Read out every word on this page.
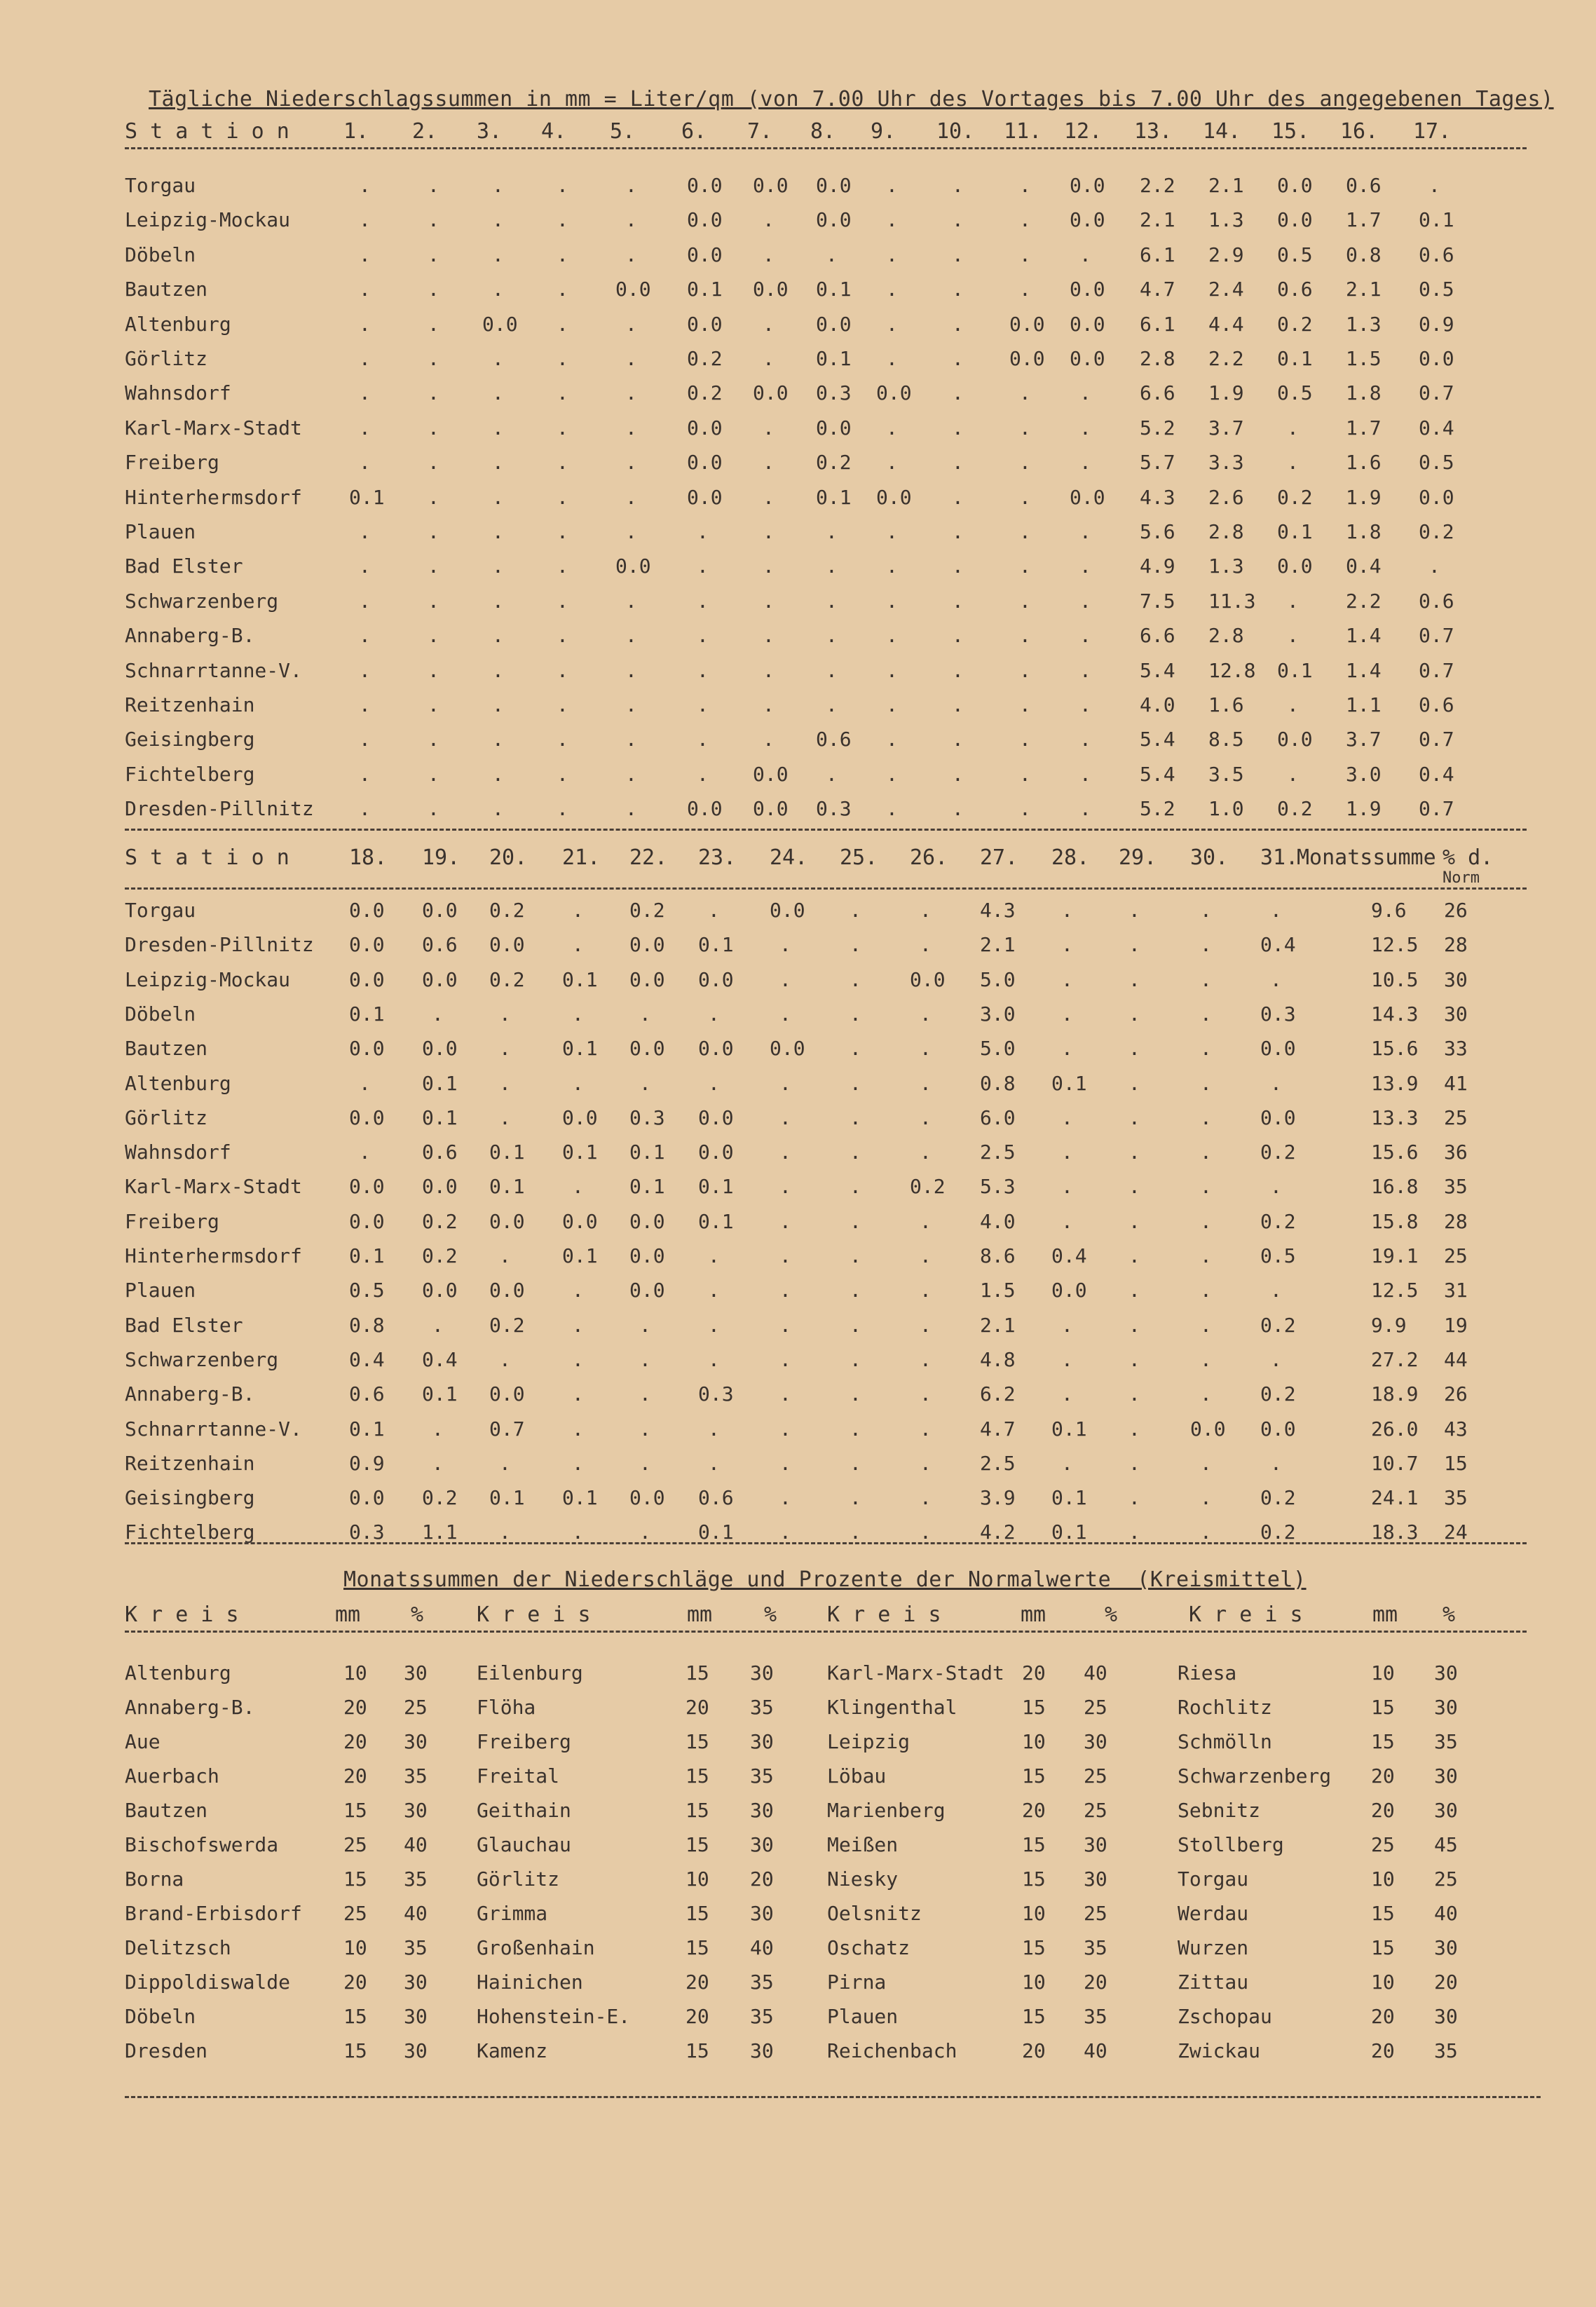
Tägliche Niederschlagssummen in mm = Liter/qm (von 7.00 Uhr des Vortages bis 7.00 Uhr des angegebenen Tages)
S t a t i o n	1. 2. 3. 4. 5. 6. 7. 8. 9. 10. 11. 12. 13. 14. 15. 16. 17.
Torgau	.	.	.	.	.	0.0 0.0 0.0 .	.	. 0.0 2.2 2.1 0.0 0.6 .
Leipzig-Mockau	.	.	.	.	.	0.0 . 0.0 .	.	. 0.0 2.1 1.3 0.0 1.7 0.1
Döbeln	.	.	.	.	.	0.0 .	. .	.	. . 6.1 2.9 0.5 0.8 0.6
Bautzen	.	.	.	. 0.0 0.1 0.0 0.1 .	.	. 0.0 4.7 2.4 0.6 2.1 0.5
Altenburg	.	. 0.0 .	.	0.0 . 0.0 .	. 0.0 0.0 6.1 4.4 0.2 1.3 0.9
Görlitz	.	.	.	.	.	0.2 . 0.1 .	. 0.0 0.0 2.8 2.2 0.1 1.5 0.0
Wahnsdorf	.	.	.	.	.	0.2 0.0 0.3 0.0 .	. . 6.6 1.9 0.5 1.8 0.7
Karl-Marx-Stadt	.	.	.	.	.	0.0 . 0.0 .	.	. . 5.2 3.7 . 1.7 0.4
Freiberg	.	.	.	.	.	0.0 . 0.2 .	.	. . 5.7 3.3 . 1.6 0.5
Hinterhermsdorf 0.1 .	.	.	.	0.0 . 0.1 0.0 .	. 0.0 4.3 2.6 0.2 1.9 0.0
Plauen	.	.	.	.	.	.	.	. .	.	. . 5.6 2.8 0.1 1.8 0.2
Bad Elster	.	.	.	. 0.0 .	.	. .	.	. . 4.9 1.3 0.0 0.4 .
Schwarzenberg	.	.	.	.	.	.	.	. .	.	. . 7.5 11.3 . 2.2 0.6
Annaberg-B.	.	.	.	.	.	.	.	. .	.	. . 6.6 2.8 . 1.4 0.7
Schnarrtanne-V.	.	.	.	.	.	.	.	. .	.	. . 5.4 12.8 0.1 1.4 0.7
Reitzenhain	.	.	.	.	.	.	.	. .	.	. . 4.0 1.6 . 1.1 0.6
Geisingberg	.	.	.	.	.	.	. 0.6 .	.	. . 5.4 8.5 0.0 3.7 0.7
Fichtelberg	.	.	.	.	.	. 0.0 . .	.	. . 5.4 3.5 . 3.0 0.4
Dresden-Pillnitz .	.	.	.	.	0.0 0.0 0.3 .	.	. . 5.2 1.0 0.2 1.9 0.7
S t a t i o n	18. 19. 20. 21. 22. 23. 24. 25. 26. 27. 28. 29. 30. 31.
Monatssumme % d.
Norm
Torgau	0.0 0.0 0.2 . 0.2 .	0.0 .	. 4.3 .	.	.	.	9.6 26
Dresden-Pillnitz 0.0 0.6 0.0 . 0.0 0.1 .	.	. 2.1 .	.	. 0.4	12.5 28
Leipzig-Mockau	0.0 0.0 0.2 0.1 0.0 0.0 .	. 0.0 5.0 .	.	.	.	10.5 30
Döbeln	0.1 .	.	.	.	.	.	.	. 3.0 .	.	. 0.3	14.3 30
Bautzen	0.0 0.0 .	0.1 0.0 0.0 0.0 .	. 5.0 .	.	. 0.0	15.6 33
Altenburg	.	0.1 .	.	.	.	.	.	. 0.8 0.1 .	.	.	13.9 41
Görlitz	0.0 0.1 .	0.0 0.3 0.0 .	.	. 6.0 .	.	. 0.0	13.3 25
Wahnsdorf	.	0.6 0.1 0.1 0.1 0.0 .	.	. 2.5 .	.	. 0.2	15.6 36
Karl-Marx-Stadt 0.0 0.0 0.1 . 0.1 0.1 .	. 0.2 5.3 .	.	.	.	16.8 35
Freiberg	0.0 0.2 0.0 0.0 0.0 0.1 .	.	. 4.0 .	.	. 0.2	15.8 28
Hinterhermsdorf 0.1 0.2 .	0.1 0.0 .	.	.	. 8.6 0.4 .	. 0.5	19.1 25
Plauen	0.5 0.0 0.0 . 0.0 .	.	.	. 1.5 0.0 .	.	.	12.5 31
Bad Elster	0.8 . 0.2 .	.	.	.	.	. 2.1 .	.	. 0.2	9.9 19
Schwarzenberg	0.4 0.4 .	.	.	.	.	.	. 4.8 .	.	.	.	27.2 44
Annaberg-B.	0.6 0.1 0.0 .	. 0.3 .	.	. 6.2 .	.	. 0.2	18.9 26
Schnarrtanne-V. 0.1 . 0.7 .	.	.	.	.	. 4.7 0.1 .	0.0 0.0	26.0 43
Reitzenhain	0.9 .	.	.	.	.	.	.	. 2.5 .	.	.	.	10.7 15
Geisingberg	0.0 0.2 0.1 0.1 0.0 0.6 .	.	. 3.9 0.1 .	. 0.2	24.1 35
Fichtelberg	0.3 1.1 .	.	. 0.1 .	.	. 4.2 0.1 .	. 0.2	18.3 24
Monatssummen der Niederschläge und Prozente der Normalwerte  (Kreismittel)
K r e i s	mm %	K r e i s	mm % K r e i s	mm	%	K r e i s	mm %
Altenburg	10 30	Eilenburg	15 30	Karl-Marx-Stadt 20 40	Riesa	10 30
Annaberg-B.	20 25	Flöha	20 35	Klingenthal	15 25	Rochlitz	15 30
Aue	20 30	Freiberg	15 30	Leipzig	10 30	Schmölln	15 35
Auerbach	20 35	Freital	15 35	Löbau	15 25	Schwarzenberg 20 30
Bautzen	15 30	Geithain	15 30	Marienberg	20 25	Sebnitz	20 30
Bischofswerda	25 40	Glauchau	15 30	Meißen	15 30	Stollberg	25 45
Borna	15 35	Görlitz	10 20	Niesky	15 30	Torgau	10 25
Brand-Erbisdorf 25 40	Grimma	15 30	Oelsnitz	10 25	Werdau	15 40
Delitzsch	10 35	Großenhain	15 40	Oschatz	15 35	Wurzen	15 30
Dippoldiswalde	20 30	Hainichen	20 35	Pirna	10 20	Zittau	10 20
Döbeln	15 30	Hohenstein-E.	20 35	Plauen	15 35	Zschopau	20 30
Dresden	15 30	Kamenz	15 30	Reichenbach	20 40	Zwickau	20 35
